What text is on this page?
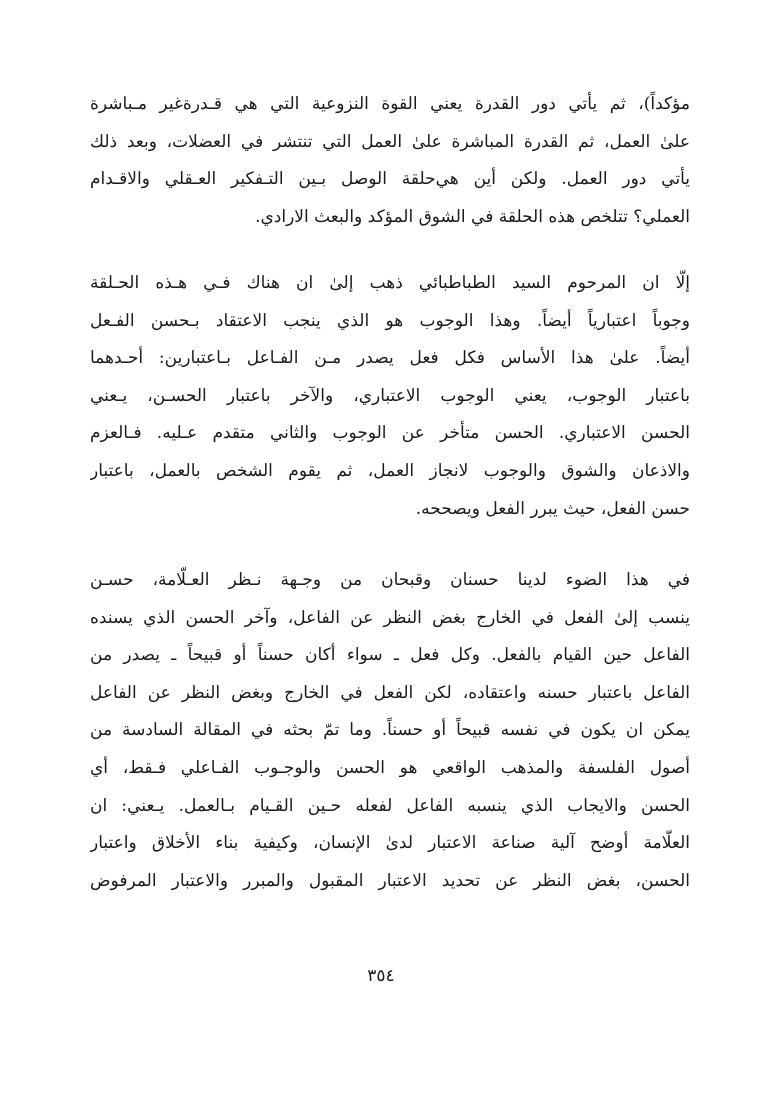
مؤكداً)، ثم يأتي دور القدرة يعني القوة النزوعية التي هي قـدرةغير مـباشرة
علىٰ العمل، ثم القدرة المباشرة علىٰ العمل التي تنتشر في العضلات، وبعد ذلك
يأتي دور العمل. ولكن أين هي‌حلقة الوصل بـين التـفكير العـقلي والاقـدام
العملي؟ تتلخص هذه الحلقة في الشوق المؤكد والبعث الارادي.
إلّا ان المرحوم السيد الطباطبائي ذهب إلىٰ ان هناك فـي هـذه الحـلقة
وجوباً اعتبارياً أيضاً. وهذا الوجوب هو الذي ينجب الاعتقاد بـحسن الفـعل
أيضاً. علىٰ هذا الأساس فكل فعل يصدر مـن الفـاعل بـاعتبارين: أحـدهما
باعتبار الوجوب، يعني الوجوب الاعتباري، والآخر باعتبار الحسـن، يـعني
الحسن الاعتباري. الحسن متأخر عن الوجوب والثاني متقدم عـليه. فـالعزم
والاذعان والشوق والوجوب لانجاز العمل، ثم يقوم الشخص بالعمل، باعتبار
حسن الفعل، حيث يبرر الفعل ويصححه.
في هذا الضوء لدينا حسنان وقبحان من وجـهة نـظر العـلّامة، حسـن
ينسب إلىٰ الفعل في الخارج بغض النظر عن الفاعل، وآخر الحسن الذي يسنده
الفاعل حين القيام بالفعل. وكل فعل ـ سواء أكان حسناً أو قبيحاً ـ يصدر من
الفاعل باعتبار حسنه واعتقاده، لكن الفعل في الخارج وبغض النظر عن الفاعل
يمكن ان يكون في نفسه قبيحاً أو حسناً. وما تمّ بحثه في المقالة السادسة من
أصول الفلسفة والمذهب الواقعي هو الحسن والوجـوب الفـاعلي فـقط، أي
الحسن والايجاب الذي ينسبه الفاعل لفعله حـين القـيام بـالعمل. يـعني: ان
العلّامة أوضح آلية صناعة الاعتبار لدىٰ الإنسان، وكيفية بناء الأخلاق واعتبار
الحسن، بغض النظر عن تحديد الاعتبار المقبول والمبرر والاعتبار المرفوض
٣٥٤
